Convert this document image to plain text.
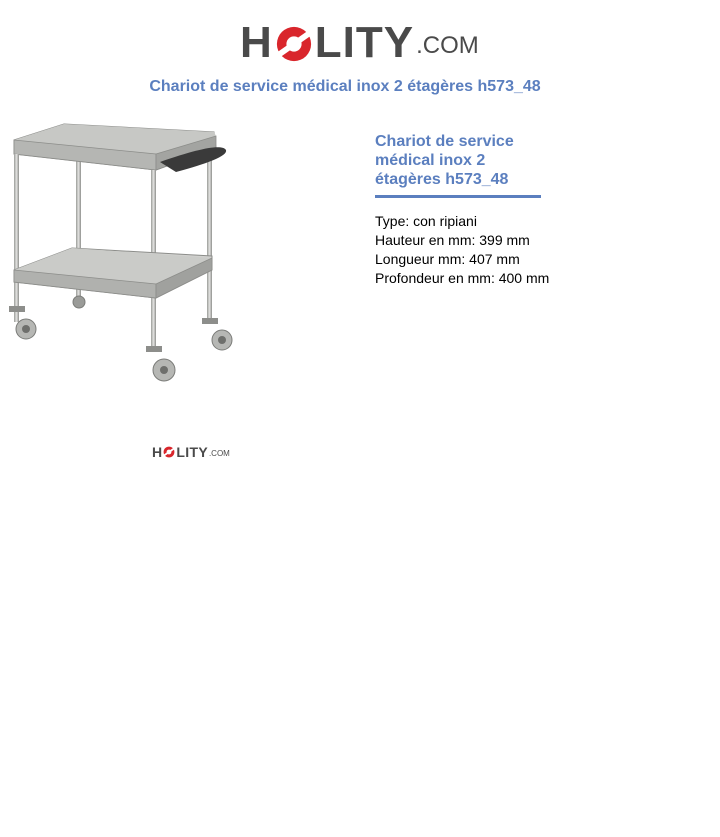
H LITY .COM
Chariot de service médical inox 2 étagères h573_48
H LITY .COM
Chariot de service médical inox 2 étagères h573_48
Type: con ripiani
Hauteur en mm: 399 mm
Longueur mm: 407 mm
Profondeur en mm: 400 mm
